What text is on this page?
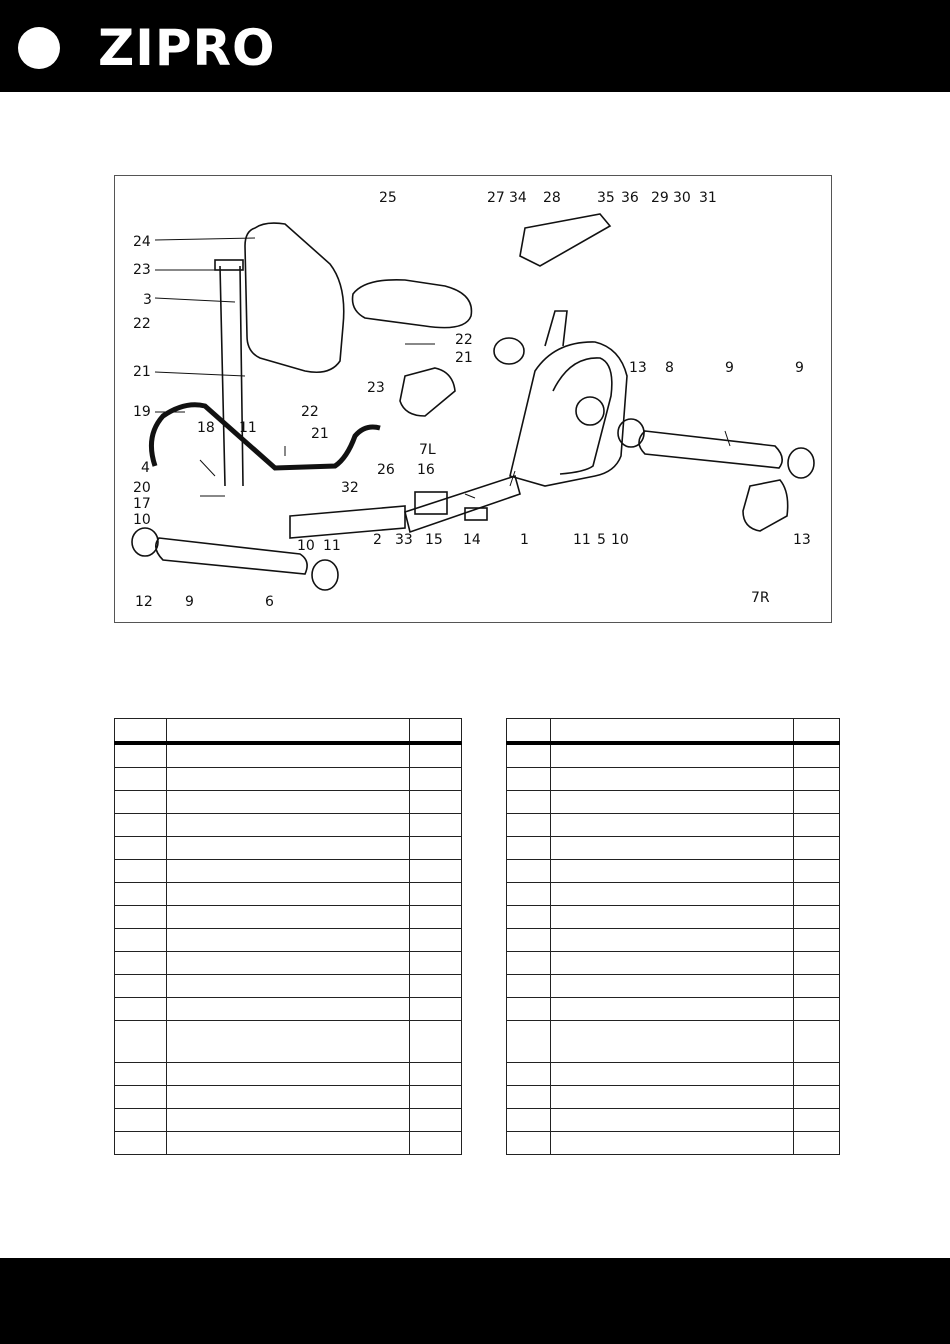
ZIPRO
24
23
3
22
21
19
18 11
4
20
17
10
12 9	6
25
22
21
23
22
21
26
32
2 33 15 14	1
16
7L
27 34 28	35 36 29 30 31
13 8	9	9
11 5 10	13
7R
10 11
